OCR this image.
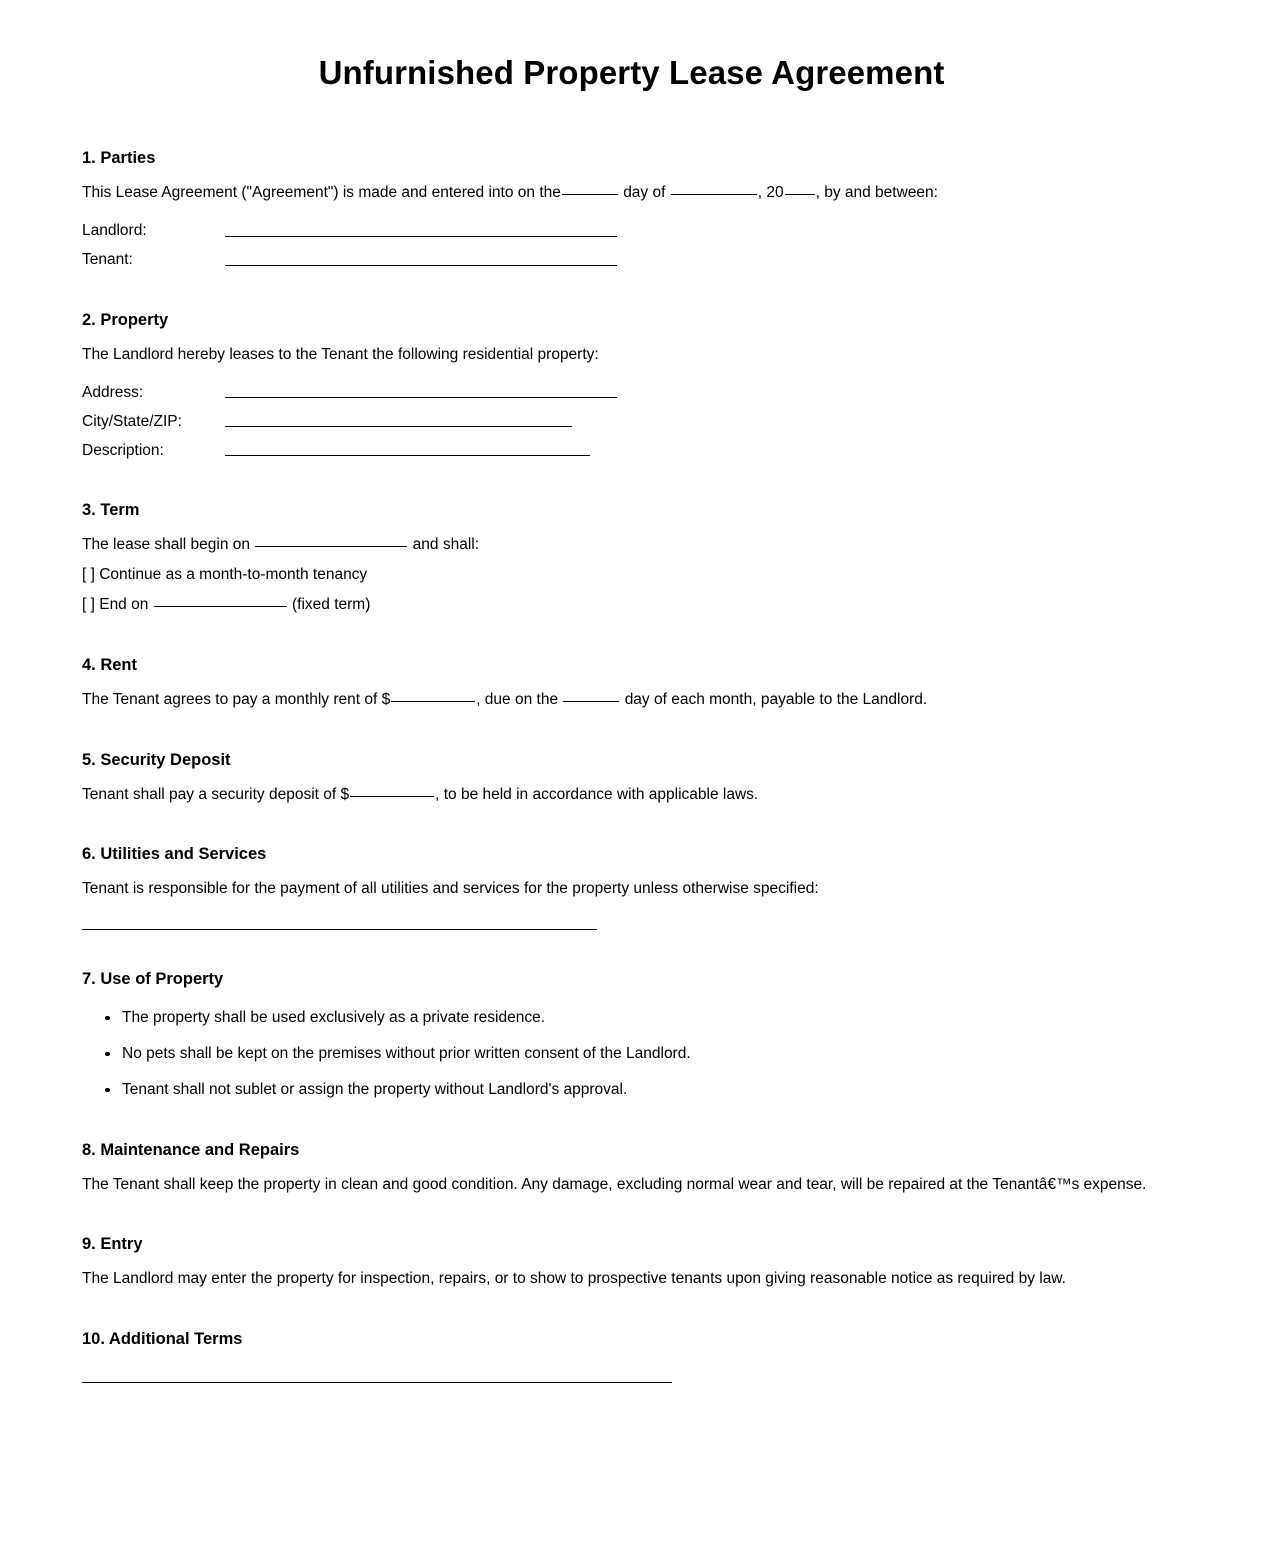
Unfurnished Property Lease Agreement
1. Parties
This Lease Agreement ("Agreement") is made and entered into on the	day of	, 20 , by and between:
Landlord:
Tenant:
2. Property
The Landlord hereby leases to the Tenant the following residential property:
Address:
City/State/ZIP:
Description:
3. Term
The lease shall begin on	and shall:
[ ] Continue as a month-to-month tenancy
[ ] End on	(fixed term)
4. Rent
The Tenant agrees to pay a monthly rent of $	, due on the	day of each month, payable to the Landlord.
5. Security Deposit
Tenant shall pay a security deposit of $	, to be held in accordance with applicable laws.
6. Utilities and Services
Tenant is responsible for the payment of all utilities and services for the property unless otherwise specified:
7. Use of Property
The property shall be used exclusively as a private residence.
No pets shall be kept on the premises without prior written consent of the Landlord.
Tenant shall not sublet or assign the property without Landlord's approval.
8. Maintenance and Repairs
The Tenant shall keep the property in clean and good condition. Any damage, excluding normal wear and tear, will be repaired at the Tenantâ€™s expense.
9. Entry
The Landlord may enter the property for inspection, repairs, or to show to prospective tenants upon giving reasonable notice as required by law.
10. Additional Terms
